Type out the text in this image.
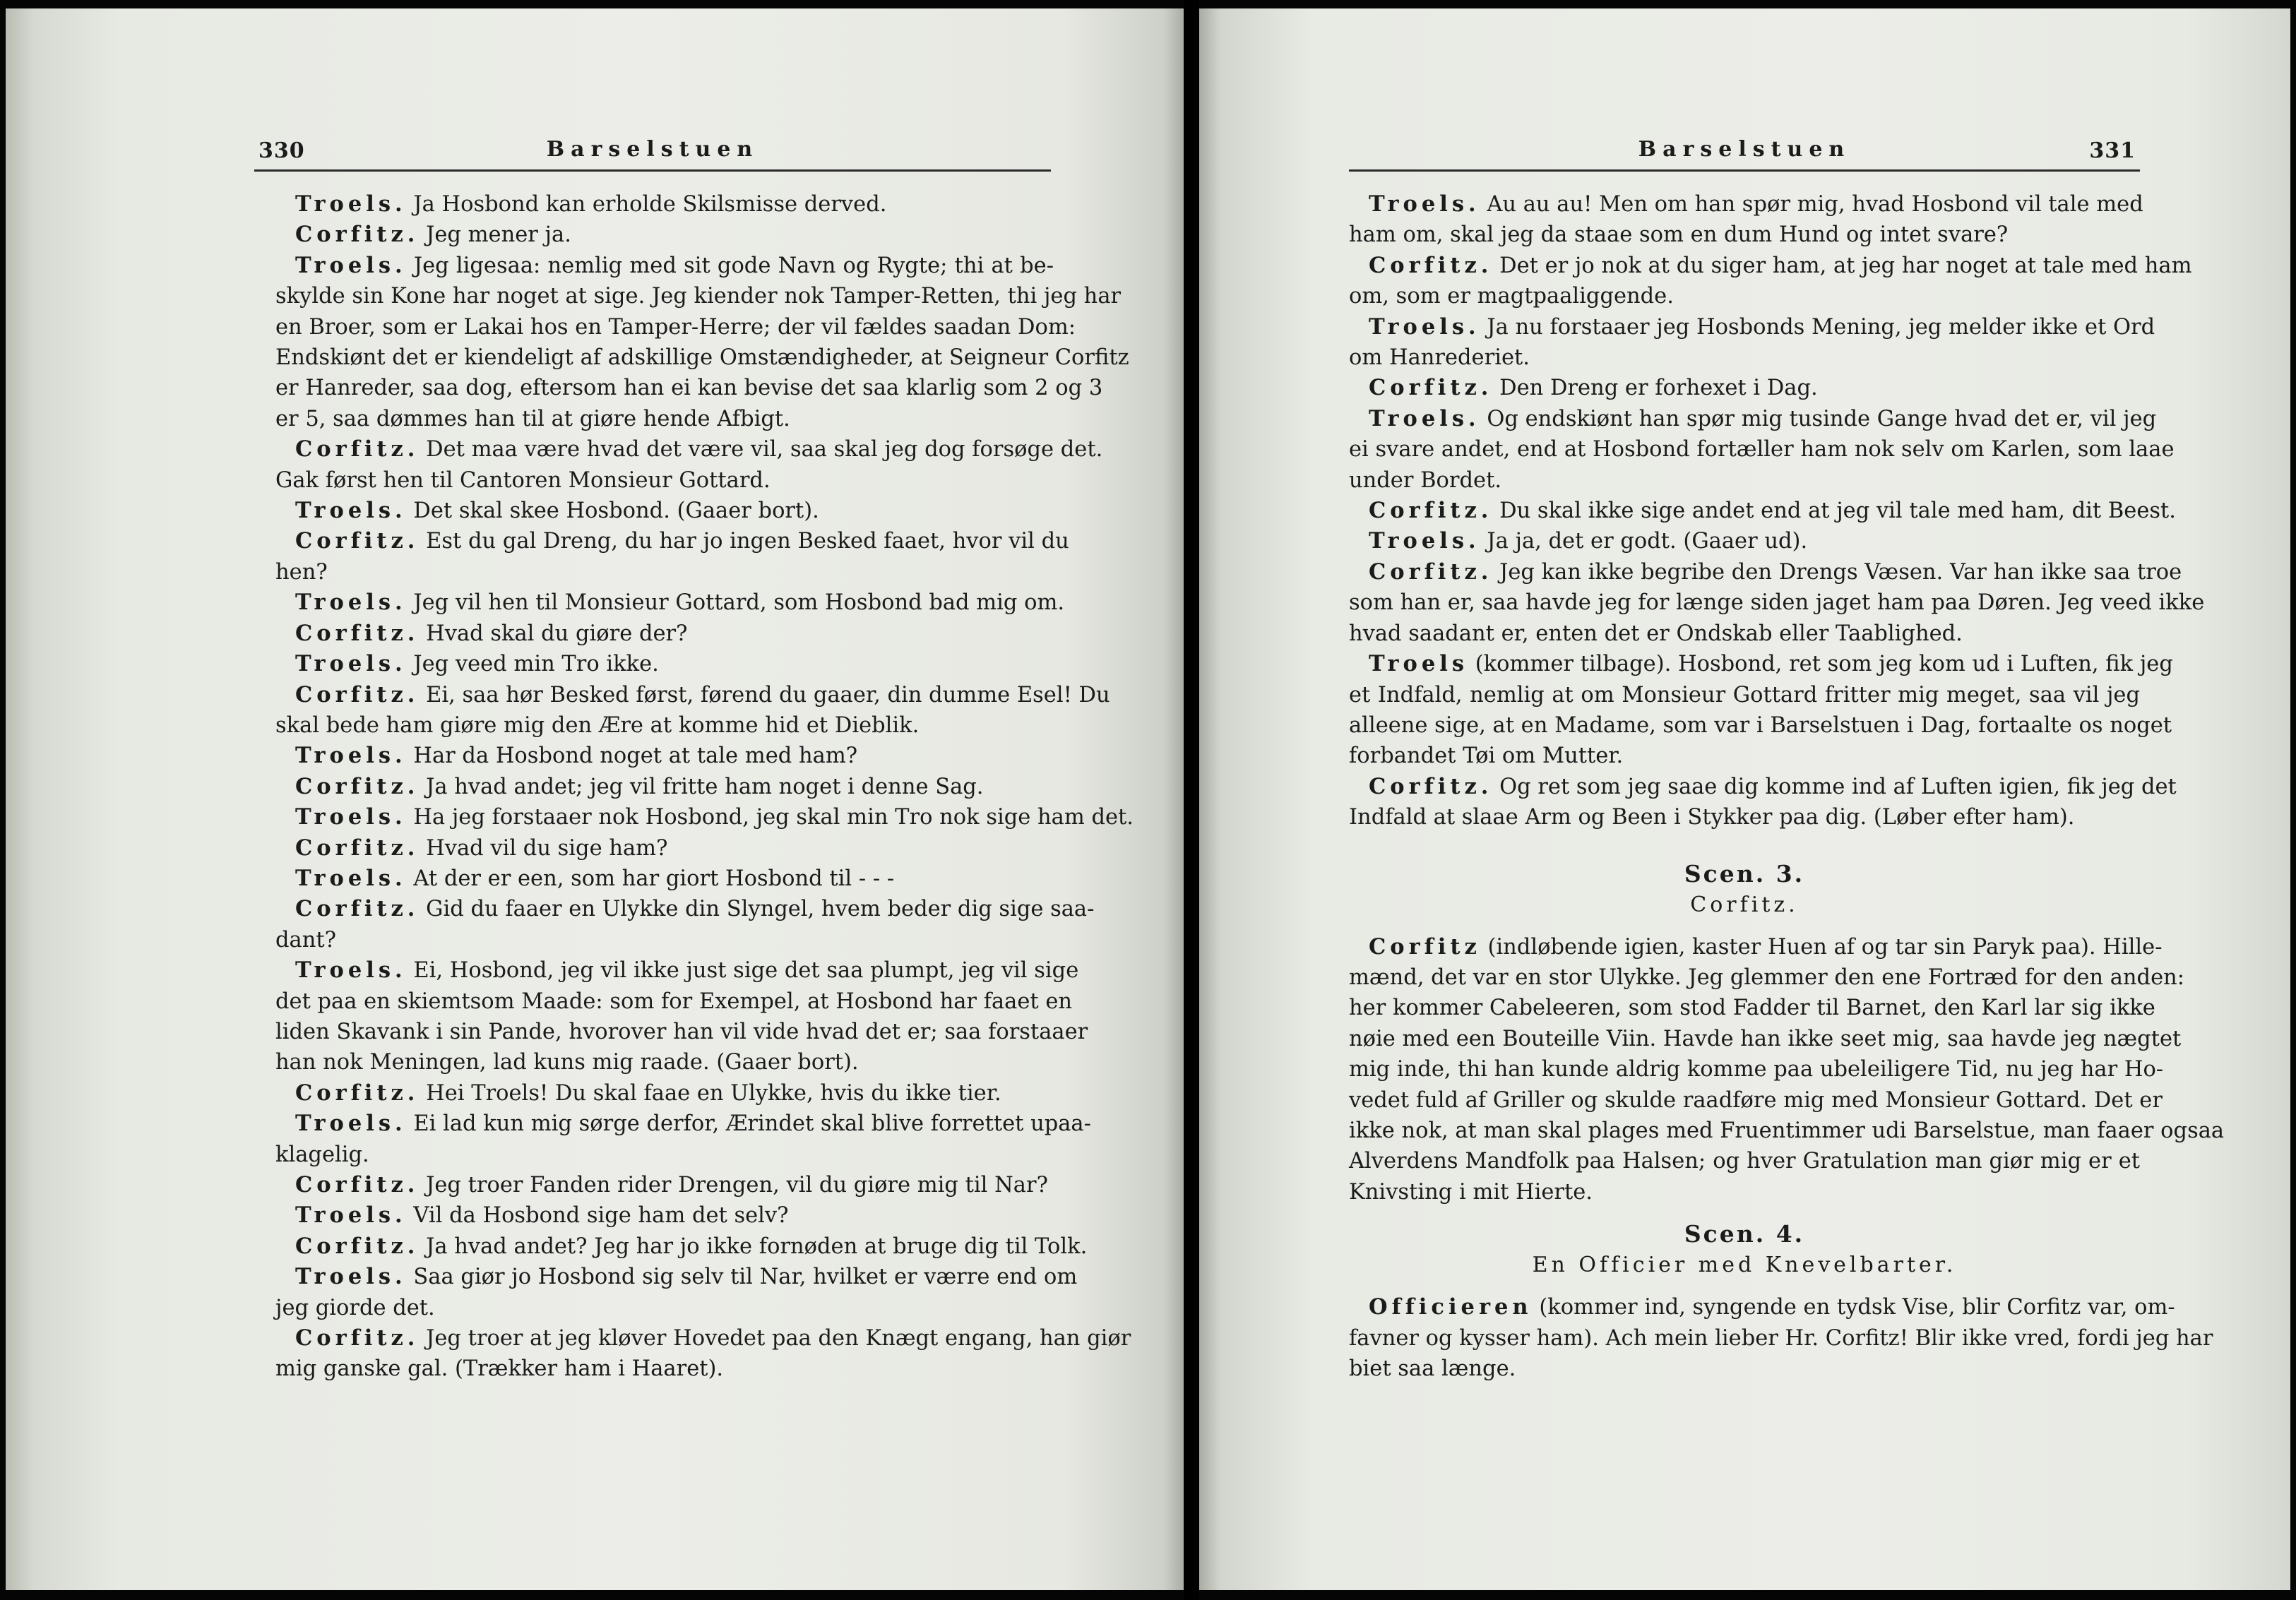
330	Barselstuen
Troels. Ja Hosbond kan erholde Skilsmisse derved.
Corfitz. Jeg mener ja.
Troels. Jeg ligesaa: nemlig med sit gode Navn og Rygte; thi at be-
skylde sin Kone har noget at sige. Jeg kiender nok Tamper-Retten, thi jeg har
en Broer, som er Lakai hos en Tamper-Herre; der vil fældes saadan Dom:
Endskiønt det er kiendeligt af adskillige Omstændigheder, at Seigneur Corfitz
er Hanreder, saa dog, eftersom han ei kan bevise det saa klarlig som 2 og 3
er 5, saa dømmes han til at giøre hende Afbigt.
Corfitz. Det maa være hvad det være vil, saa skal jeg dog forsøge det.
Gak først hen til Cantoren Monsieur Gottard.
Troels. Det skal skee Hosbond. (Gaaer bort).
Corfitz. Est du gal Dreng, du har jo ingen Besked faaet, hvor vil du
hen?
Troels. Jeg vil hen til Monsieur Gottard, som Hosbond bad mig om.
Corfitz. Hvad skal du giøre der?
Troels. Jeg veed min Tro ikke.
Corfitz. Ei, saa hør Besked først, førend du gaaer, din dumme Esel! Du
skal bede ham giøre mig den Ære at komme hid et Dieblik.
Troels. Har da Hosbond noget at tale med ham?
Corfitz. Ja hvad andet; jeg vil fritte ham noget i denne Sag.
Troels. Ha jeg forstaaer nok Hosbond, jeg skal min Tro nok sige ham det.
Corfitz. Hvad vil du sige ham?
Troels. At der er een, som har giort Hosbond til - - -
Corfitz. Gid du faaer en Ulykke din Slyngel, hvem beder dig sige saa-
dant?
Troels. Ei, Hosbond, jeg vil ikke just sige det saa plumpt, jeg vil sige
det paa en skiemtsom Maade: som for Exempel, at Hosbond har faaet en
liden Skavank i sin Pande, hvorover han vil vide hvad det er; saa forstaaer
han nok Meningen, lad kuns mig raade. (Gaaer bort).
Corfitz. Hei Troels! Du skal faae en Ulykke, hvis du ikke tier.
Troels. Ei lad kun mig sørge derfor, Ærindet skal blive forrettet upaa-
klagelig.
Corfitz. Jeg troer Fanden rider Drengen, vil du giøre mig til Nar?
Troels. Vil da Hosbond sige ham det selv?
Corfitz. Ja hvad andet? Jeg har jo ikke fornøden at bruge dig til Tolk.
Troels. Saa giør jo Hosbond sig selv til Nar, hvilket er værre end om
jeg giorde det.
Corfitz. Jeg troer at jeg kløver Hovedet paa den Knægt engang, han giør
mig ganske gal. (Trækker ham i Haaret).
Barselstuen	331
Troels. Au au au! Men om han spør mig, hvad Hosbond vil tale med
ham om, skal jeg da staae som en dum Hund og intet svare?
Corfitz. Det er jo nok at du siger ham, at jeg har noget at tale med ham
om, som er magtpaaliggende.
Troels. Ja nu forstaaer jeg Hosbonds Mening, jeg melder ikke et Ord
om Hanrederiet.
Corfitz. Den Dreng er forhexet i Dag.
Troels. Og endskiønt han spør mig tusinde Gange hvad det er, vil jeg
ei svare andet, end at Hosbond fortæller ham nok selv om Karlen, som laae
under Bordet.
Corfitz. Du skal ikke sige andet end at jeg vil tale med ham, dit Beest.
Troels. Ja ja, det er godt. (Gaaer ud).
Corfitz. Jeg kan ikke begribe den Drengs Væsen. Var han ikke saa troe
som han er, saa havde jeg for længe siden jaget ham paa Døren. Jeg veed ikke
hvad saadant er, enten det er Ondskab eller Taablighed.
Troels (kommer tilbage). Hosbond, ret som jeg kom ud i Luften, fik jeg
et Indfald, nemlig at om Monsieur Gottard fritter mig meget, saa vil jeg
alleene sige, at en Madame, som var i Barselstuen i Dag, fortaalte os noget
forbandet Tøi om Mutter.
Corfitz. Og ret som jeg saae dig komme ind af Luften igien, fik jeg det
Indfald at slaae Arm og Been i Stykker paa dig. (Løber efter ham).
Scen. 3.
Corfitz.
Corfitz (indløbende igien, kaster Huen af og tar sin Paryk paa). Hille-
mænd, det var en stor Ulykke. Jeg glemmer den ene Fortræd for den anden:
her kommer Cabeleeren, som stod Fadder til Barnet, den Karl lar sig ikke
nøie med een Bouteille Viin. Havde han ikke seet mig, saa havde jeg nægtet
mig inde, thi han kunde aldrig komme paa ubeleiligere Tid, nu jeg har Ho-
vedet fuld af Griller og skulde raadføre mig med Monsieur Gottard. Det er
ikke nok, at man skal plages med Fruentimmer udi Barselstue, man faaer ogsaa
Alverdens Mandfolk paa Halsen; og hver Gratulation man giør mig er et
Knivsting i mit Hierte.
Scen. 4.
En Officier med Knevelbarter.
Officieren (kommer ind, syngende en tydsk Vise, blir Corfitz var, om-
favner og kysser ham). Ach mein lieber Hr. Corfitz! Blir ikke vred, fordi jeg har
biet saa længe.
